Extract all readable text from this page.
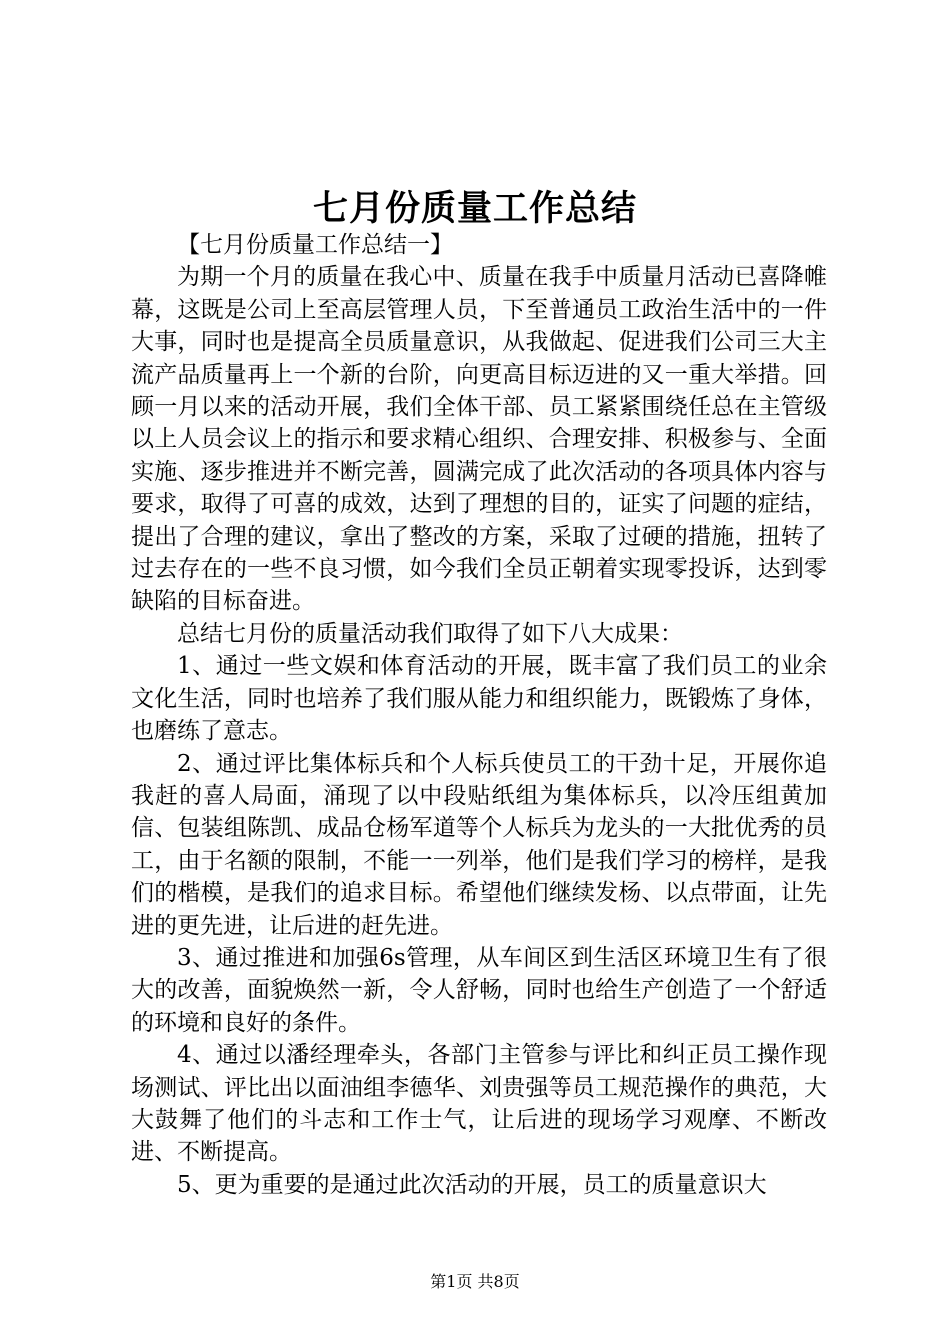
七月份质量工作总结

【七月份质量工作总结一】

为期一个月的质量在我心中、质量在我手中质量月活动已喜降帷幕，这既是公司上至高层管理人员，下至普通员工政治生活中的一件大事，同时也是提高全员质量意识，从我做起、促进我们公司三大主流产品质量再上一个新的台阶，向更高目标迈进的又一重大举措。回顾一月以来的活动开展，我们全体干部、员工紧紧围绕任总在主管级以上人员会议上的指示和要求精心组织、合理安排、积极参与、全面实施、逐步推进并不断完善，圆满完成了此次活动的各项具体内容与要求，取得了可喜的成效，达到了理想的目的，证实了问题的症结，提出了合理的建议，拿出了整改的方案，采取了过硬的措施，扭转了过去存在的一些不良习惯，如今我们全员正朝着实现零投诉，达到零缺陷的目标奋进。

总结七月份的质量活动我们取得了如下八大成果：

1、通过一些文娱和体育活动的开展，既丰富了我们员工的业余文化生活，同时也培养了我们服从能力和组织能力，既锻炼了身体，也磨练了意志。

2、通过评比集体标兵和个人标兵使员工的干劲十足，开展你追我赶的喜人局面，涌现了以中段贴纸组为集体标兵，以冷压组黄加信、包装组陈凯、成品仓杨军道等个人标兵为龙头的一大批优秀的员工，由于名额的限制，不能一一列举，他们是我们学习的榜样，是我们的楷模，是我们的追求目标。希望他们继续发杨、以点带面，让先进的更先进，让后进的赶先进。

3、通过推进和加强6s管理，从车间区到生活区环境卫生有了很大的改善，面貌焕然一新，令人舒畅，同时也给生产创造了一个舒适的环境和良好的条件。

4、通过以潘经理牵头，各部门主管参与评比和纠正员工操作现场测试、评比出以面油组李德华、刘贵强等员工规范操作的典范，大大鼓舞了他们的斗志和工作士气，让后进的现场学习观摩、不断改进、不断提高。

5、更为重要的是通过此次活动的开展，员工的质量意识大

第1页 共8页
